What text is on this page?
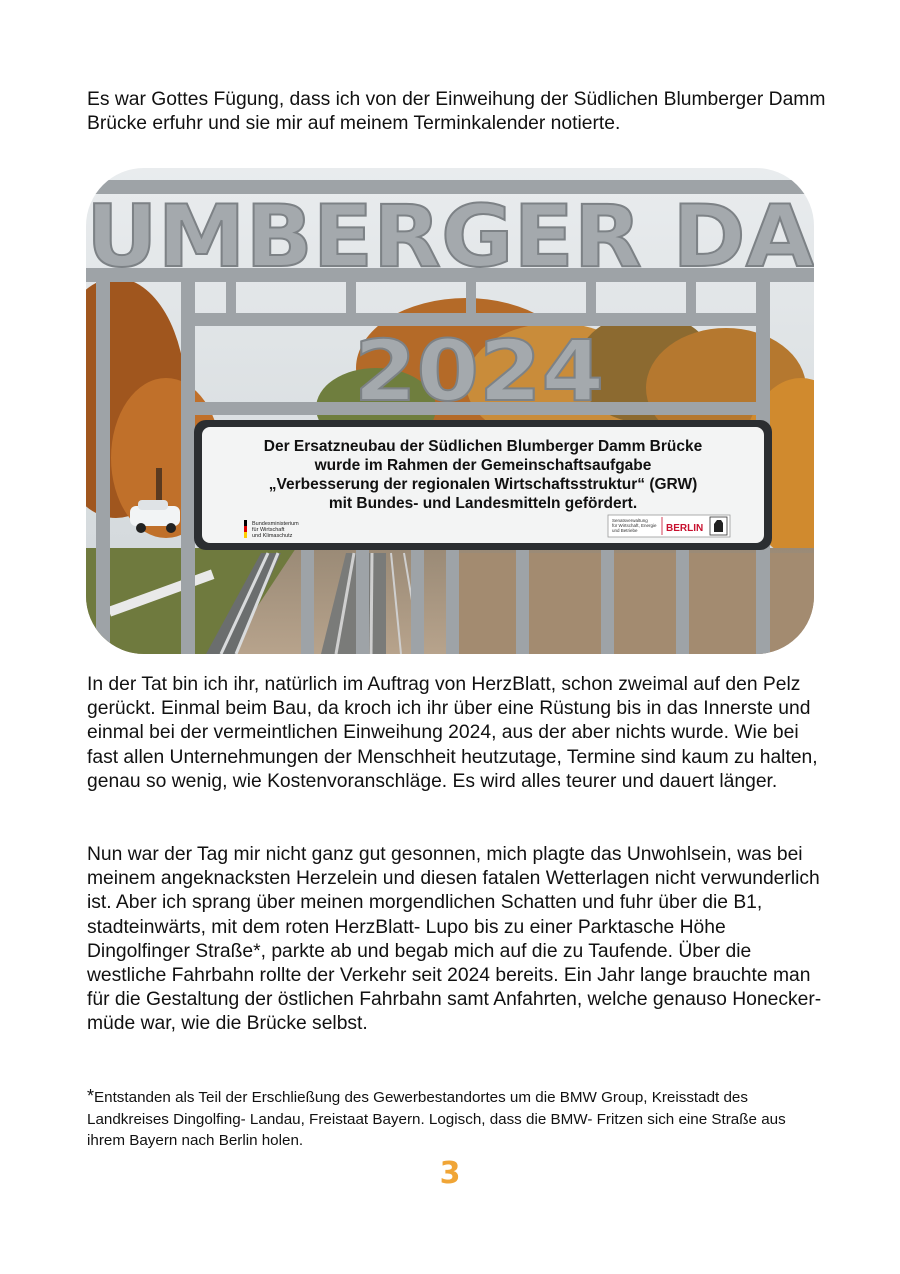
Es war Gottes Fügung, dass ich von der Einweihung der Südlichen Blumberger Damm Brücke erfuhr und sie mir auf meinem Terminkalender notierte.

UMBERGER DA
2024
Der Ersatzneubau der Südlichen Blumberger Damm Brücke
wurde im Rahmen der Gemeinschaftsaufgabe
„Verbesserung der regionalen Wirtschaftsstruktur“ (GRW)
mit Bundes- und Landesmitteln gefördert.
Bundesministerium
für Wirtschaft
und Klimaschutz
Senatsverwaltung
für Wirtschaft, Energie
und Betriebe	BERLIN

In der Tat bin ich ihr, natürlich im Auftrag von HerzBlatt, schon zweimal auf den Pelz gerückt. Einmal beim Bau, da kroch ich ihr über eine Rüstung bis in das Innerste und einmal bei der vermeintlichen Einweihung 2024, aus der aber nichts wurde. Wie bei fast allen Unternehmungen der Menschheit heutzutage, Termine sind kaum zu halten, genau so wenig, wie Kostenvoranschläge. Es wird alles teurer und dauert länger.

Nun war der Tag mir nicht ganz gut gesonnen, mich plagte das Unwohlsein, was bei meinem angeknacksten Herzelein und diesen fatalen Wetterlagen nicht verwunderlich ist. Aber ich sprang über meinen morgendlichen Schatten und fuhr über die B1, stadteinwärts, mit dem roten HerzBlatt- Lupo bis zu einer Parktasche Höhe Dingolfinger Straße*, parkte ab und begab mich auf die zu Taufende. Über die westliche Fahrbahn rollte der Verkehr seit 2024 bereits. Ein Jahr lange brauchte man für die Gestaltung der östlichen Fahrbahn samt Anfahrten, welche genauso Honecker- müde war, wie die Brücke selbst.

*Entstanden als Teil der Erschließung des Gewerbestandortes um die BMW Group, Kreisstadt des Landkreises Dingolfing- Landau, Freistaat Bayern. Logisch, dass die BMW- Fritzen sich eine Straße aus ihrem Bayern nach Berlin holen.

3
